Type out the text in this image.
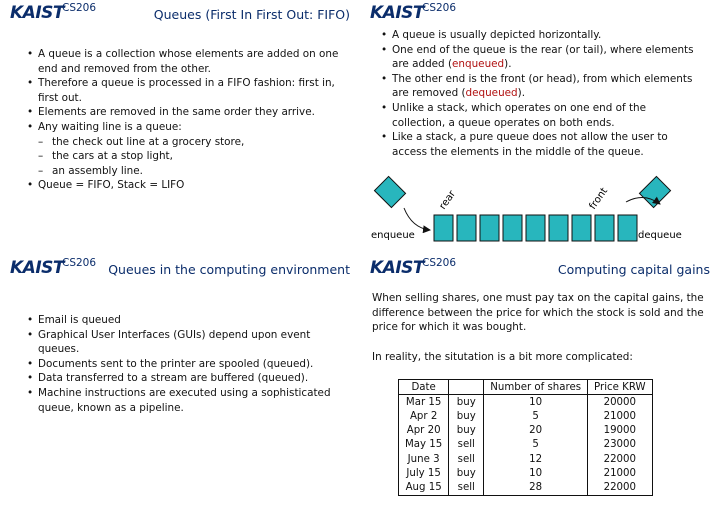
KAIST
CS206	Queues (First In First Out: FIFO)
• A queue is a collection whose elements are added on one end and removed from the other.
• Therefore a queue is processed in a FIFO fashion: first in, first out.
• Elements are removed in the same order they arrive.
• Any waiting line is a queue:
– the check out line at a grocery store,
– the cars at a stop light,
– an assembly line.
• Queue = FIFO, Stack = LIFO
KAIST
CS206
• A queue is usually depicted horizontally.
• One end of the queue is the rear (or tail), where elements are added (enqueued).
• The other end is the front (or head), from which elements are removed (dequeued).
• Unlike a stack, which operates on one end of the collection, a queue operates on both ends.
• Like a stack, a pure queue does not allow the user to access the elements in the middle of the queue.
rear	front
enqueue	dequeue
KAIST
CS206 Queues in the computing environment
• Email is queued
• Graphical User Interfaces (GUIs) depend upon event queues.
• Documents sent to the printer are spooled (queued).
• Data transferred to a stream are buffered (queued).
• Machine instructions are executed using a sophisticated queue, known as a pipeline.
KAIST
CS206	Computing capital gains
When selling shares, one must pay tax on the capital gains, the difference between the price for which the stock is sold and the price for which it was bought.
In reality, the situtation is a bit more complicated:
Date		Number of shares	Price KRW
Mar 15	buy	10	20000
Apr 2	buy	5	21000
Apr 20	buy	20	19000
May 15	sell	5	23000
June 3	sell	12	22000
July 15	buy	10	21000
Aug 15	sell	28	22000
